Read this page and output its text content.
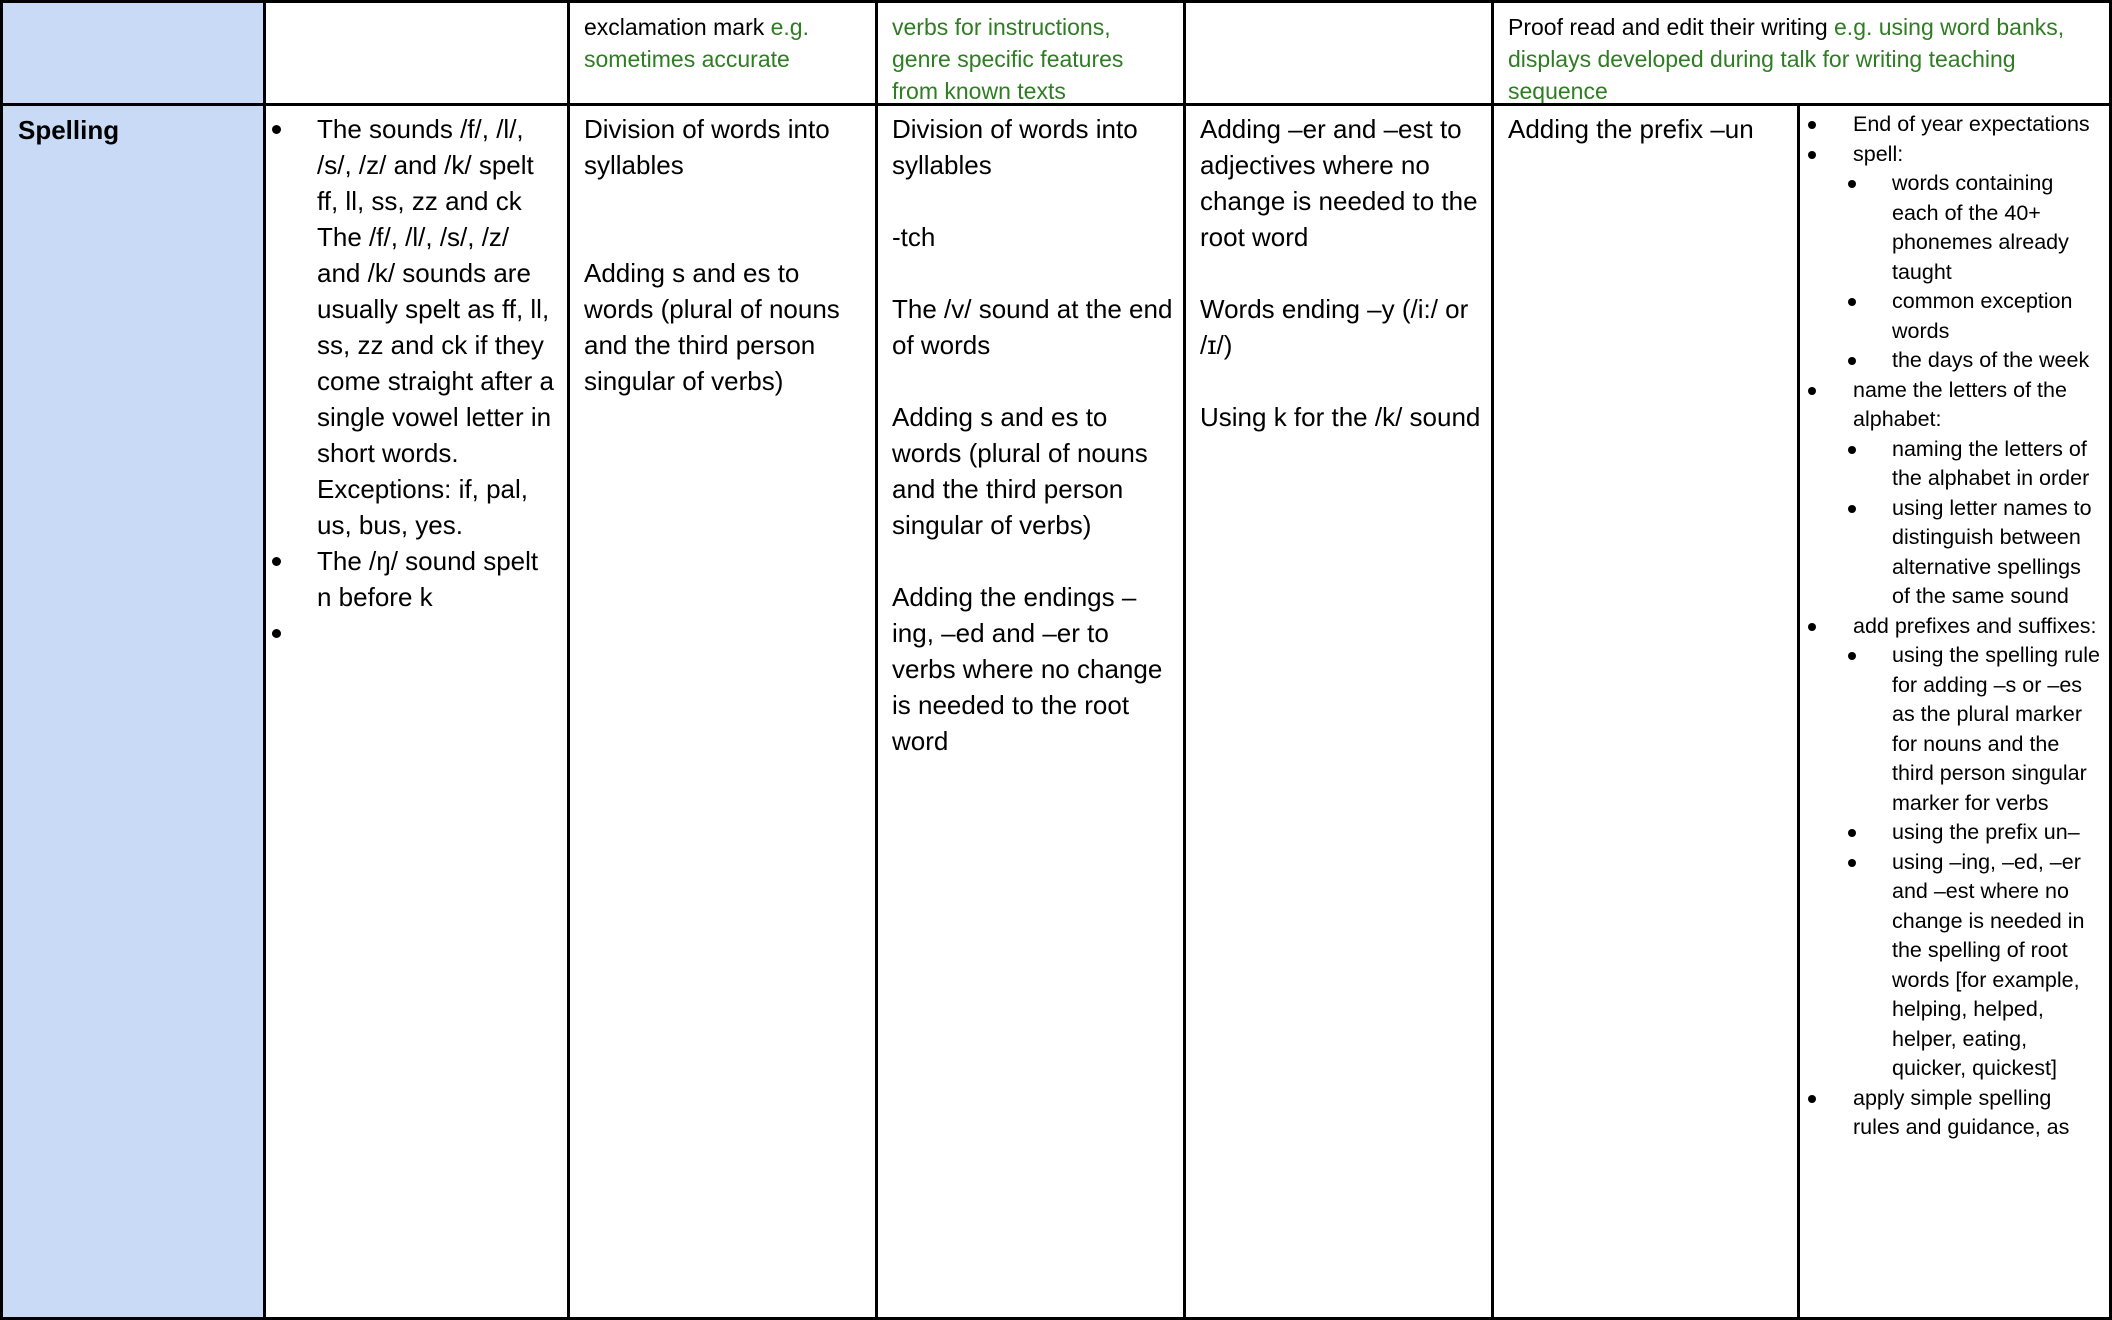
exclamation mark e.g. sometimes accurate
verbs for instructions, genre specific features from known texts
Proof read and edit their writing e.g. using word banks, displays developed during talk for writing teaching sequence
Spelling	The sounds /f/, /l/, /s/, /z/ and /k/ spelt ff, ll, ss, zz and ck The /f/, /l/, /s/, /z/ and /k/ sounds are usually spelt as ff, ll, ss, zz and ck if they come straight after a single vowel letter in short words. Exceptions: if, pal, us, bus, yes.
The /ŋ/ sound spelt n before k

Division of words into syllables

Adding s and es to words (plural of nouns and the third person singular of verbs)

Division of words into syllables

-tch

The /v/ sound at the end of words

Adding s and es to words (plural of nouns and the third person singular of verbs)

Adding the endings –ing, –ed and –er to verbs where no change is needed to the root word

Adding –er and –est to adjectives where no change is needed to the root word

Words ending –y (/i:/ or /ɪ/)

Using k for the /k/ sound

Adding the prefix –un	End of year expectations
spell:
words containing each of the 40+ phonemes already taught
common exception words
the days of the week
name the letters of the alphabet:
naming the letters of the alphabet in order
using letter names to distinguish between alternative spellings of the same sound
add prefixes and suffixes:
using the spelling rule for adding –s or –es as the plural marker for nouns and the third person singular marker for verbs
using the prefix un–
using –ing, –ed, –er and –est where no change is needed in the spelling of root words [for example, helping, helped, helper, eating, quicker, quickest]
apply simple spelling rules and guidance, as
